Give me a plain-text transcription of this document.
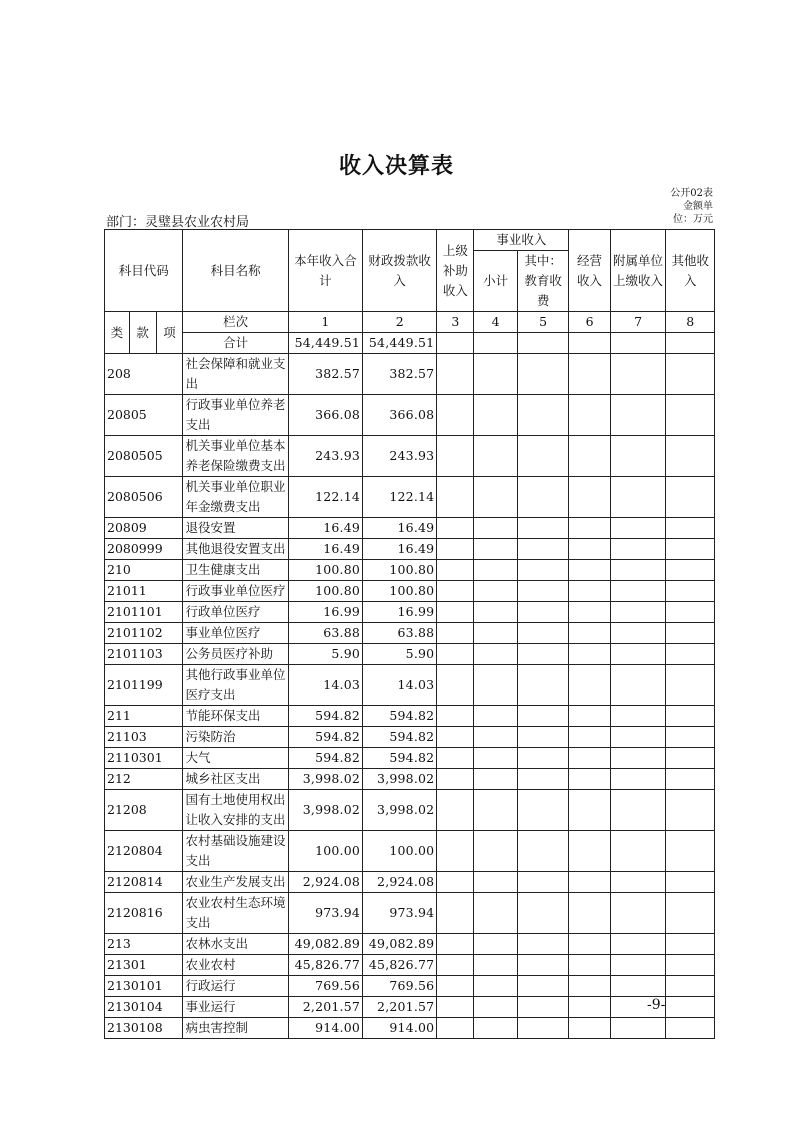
收入决算表
公开02表
金额单位：万元
部门：灵璧县农业农村局
科目代码			科目名称	本年收入合计	财政拨款收入	上级补助收入	事业收入		经营收入	附属单位上缴收入	其他收入
							小计	其中：教育收费			

类	款	项	栏次	1	2	3	4	5	6	7	8
			合计	54,449.51	54,449.51						
208			社会保障和就业支出	382.57	382.57						
20805			行政事业单位养老支出	366.08	366.08						
2080505			机关事业单位基本养老保险缴费支出	243.93	243.93						
2080506			机关事业单位职业年金缴费支出	122.14	122.14						
20809			退役安置	16.49	16.49						
2080999			其他退役安置支出	16.49	16.49						
210			卫生健康支出	100.80	100.80						
21011			行政事业单位医疗	100.80	100.80						
2101101			行政单位医疗	16.99	16.99						
2101102			事业单位医疗	63.88	63.88						
2101103			公务员医疗补助	5.90	5.90						
2101199			其他行政事业单位医疗支出	14.03	14.03						
211			节能环保支出	594.82	594.82						
21103			污染防治	594.82	594.82						
2110301			大气	594.82	594.82						
212			城乡社区支出	3,998.02	3,998.02						
21208			国有土地使用权出让收入安排的支出	3,998.02	3,998.02						
2120804			农村基础设施建设支出	100.00	100.00						
2120814			农业生产发展支出	2,924.08	2,924.08						
2120816			农业农村生态环境支出	973.94	973.94						
213			农林水支出	49,082.89	49,082.89						
21301			农业农村	45,826.77	45,826.77						
2130101			行政运行	769.56	769.56						
2130104			事业运行	2,201.57	2,201.57						
2130108			病虫害控制	914.00	914.00						
-9-
